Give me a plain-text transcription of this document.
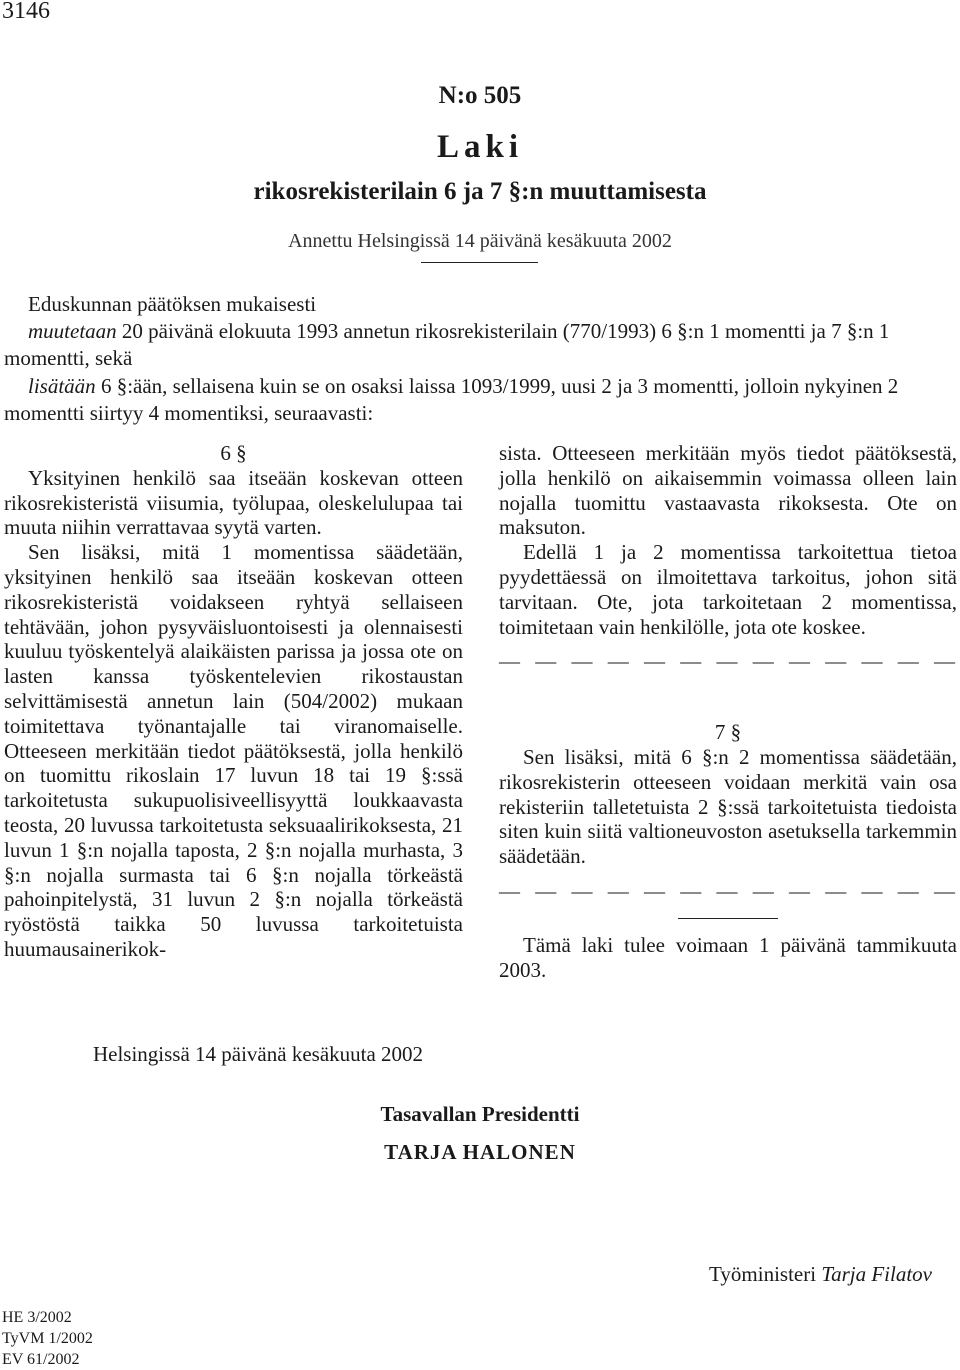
3146
N:o 505
Laki
rikosrekisterilain 6 ja 7 §:n muuttamisesta
Annettu Helsingissä 14 päivänä kesäkuuta 2002

Eduskunnan päätöksen mukaisesti

muutetaan 20 päivänä elokuuta 1993 annetun rikosrekisterilain (770/1993) 6 §:n 1 momentti ja 7 §:n 1 momentti, sekä

lisätään 6 §:ään, sellaisena kuin se on osaksi laissa 1093/1999, uusi 2 ja 3 momentti, jolloin nykyinen 2 momentti siirtyy 4 momentiksi, seuraavasti:

6 §

Yksityinen henkilö saa itseään koskevan otteen rikosrekisteristä viisumia, työlupaa, oleskelulupaa tai muuta niihin verrattavaa syytä varten.

Sen lisäksi, mitä 1 momentissa säädetään, yksityinen henkilö saa itseään koskevan otteen rikosrekisteristä voidakseen ryhtyä sellaiseen tehtävään, johon pysyväisluontoisesti ja olennaisesti kuuluu työskentelyä alaikäisten parissa ja jossa ote on lasten kanssa työskentelevien rikostaustan selvittämisestä annetun lain (504/2002) mukaan toimitettava työnantajalle tai viranomaiselle. Otteeseen merkitään tiedot päätöksestä, jolla henkilö on tuomittu rikoslain 17 luvun 18 tai 19 §:ssä tarkoitetusta sukupuolisiveellisyyttä loukkaavasta teosta, 20 luvussa tarkoitetusta seksuaalirikoksesta, 21 luvun 1 §:n nojalla taposta, 2 §:n nojalla murhasta, 3 §:n nojalla surmasta tai 6 §:n nojalla törkeästä pahoinpitelystä, 31 luvun 2 §:n nojalla törkeästä ryöstöstä taikka 50 luvussa tarkoitetuista huumausainerikok-

sista. Otteeseen merkitään myös tiedot päätöksestä, jolla henkilö on aikaisemmin voimassa olleen lain nojalla tuomittu vastaavasta rikoksesta. Ote on maksuton.

Edellä 1 ja 2 momentissa tarkoitettua tietoa pyydettäessä on ilmoitettava tarkoitus, johon sitä tarvitaan. Ote, jota tarkoitetaan 2 momentissa, toimitetaan vain henkilölle, jota ote koskee.

— — — — — — — — — — — — —

7 §

Sen lisäksi, mitä 6 §:n 2 momentissa säädetään, rikosrekisterin otteeseen voidaan merkitä vain osa rekisteriin talletetuista 2 §:ssä tarkoitetuista tiedoista siten kuin siitä valtioneuvoston asetuksella tarkemmin säädetään.

— — — — — — — — — — — — —

Tämä laki tulee voimaan 1 päivänä tammikuuta 2003.

Helsingissä 14 päivänä kesäkuuta 2002
Tasavallan Presidentti
TARJA HALONEN
Työministeri Tarja Filatov
HE 3/2002
TyVM 1/2002
EV 61/2002
